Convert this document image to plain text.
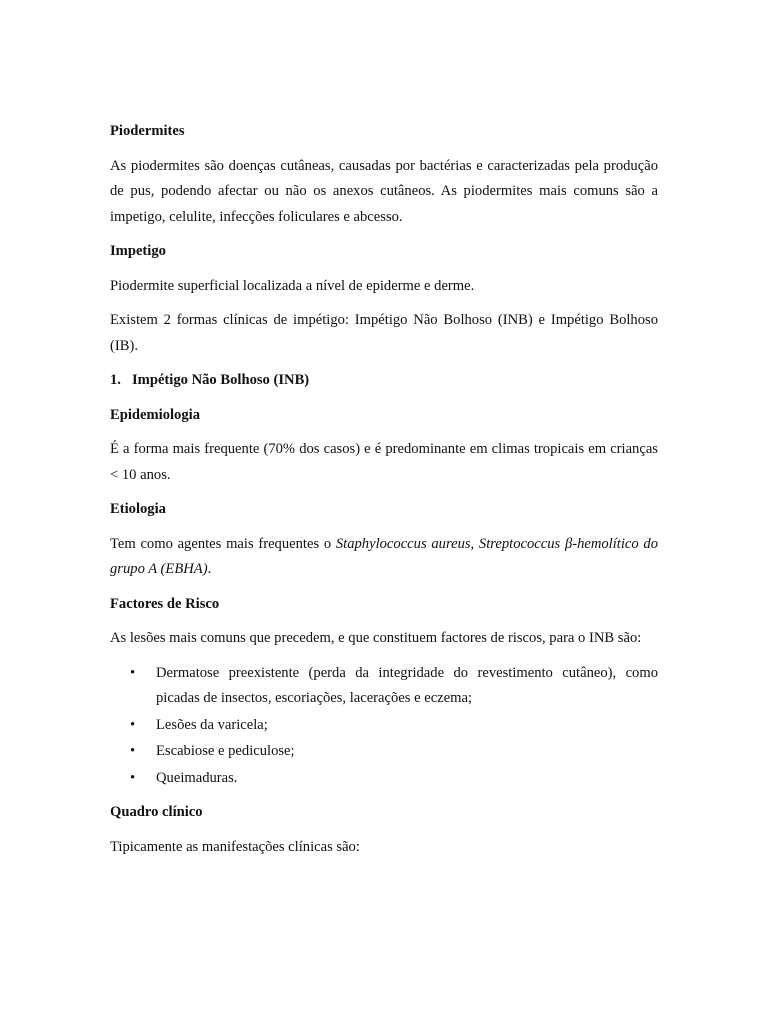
Piodermites

As piodermites são doenças cutâneas, causadas por bactérias e caracterizadas pela produção de pus, podendo afectar ou não os anexos cutâneos. As piodermites mais comuns são a impetigo, celulite, infecções foliculares e abcesso.

Impetigo

Piodermite superficial localizada a nível de epiderme e derme.

Existem 2 formas clínicas de impétigo: Impétigo Não Bolhoso (INB) e Impétigo Bolhoso (IB).

1. Impétigo Não Bolhoso (INB)

Epidemiologia

É a forma mais frequente (70% dos casos) e é predominante em climas tropicais em crianças < 10 anos.

Etiologia

Tem como agentes mais frequentes o Staphylococcus aureus, Streptococcus β-hemolítico do grupo A (EBHA).

Factores de Risco

As lesões mais comuns que precedem, e que constituem factores de riscos, para o INB são:

•	Dermatose preexistente (perda da integridade do revestimento cutâneo), como picadas de insectos, escoriações, lacerações e eczema;
•	Lesões da varicela;
•	Escabiose e pediculose;
•	Queimaduras.

Quadro clínico

Tipicamente as manifestações clínicas são:
